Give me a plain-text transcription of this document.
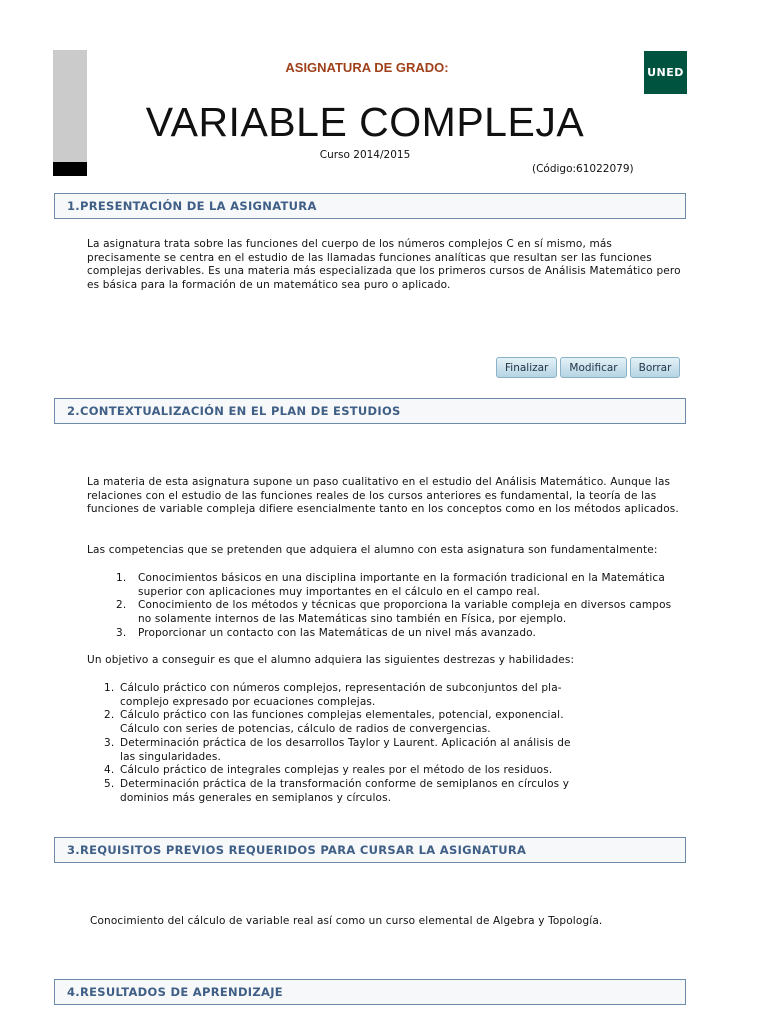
ASIGNATURA DE GRADO:	UNED
VARIABLE COMPLEJA
Curso 2014/2015
(Código:61022079)
1.PRESENTACIÓN DE LA ASIGNATURA

La asignatura trata sobre las funciones del cuerpo de los números complejos C en sí mismo, más precisamente se centra en el estudio de las llamadas funciones analíticas que resultan ser las funciones complejas derivables. Es una materia más especializada que los primeros cursos de Análisis Matemático pero es básica para la formación de un matemático sea puro o aplicado.

Finalizar	Modificar	Borrar
2.CONTEXTUALIZACIÓN EN EL PLAN DE ESTUDIOS

La materia de esta asignatura supone un paso cualitativo en el estudio del Análisis Matemático. Aunque las relaciones con el estudio de las funciones reales de los cursos anteriores es fundamental, la teoría de las funciones de variable compleja difiere esencialmente tanto en los conceptos como en los métodos aplicados.

Las competencias que se pretenden que adquiera el alumno con esta asignatura son fundamentalmente:

1.	Conocimientos básicos en una disciplina importante en la formación tradicional en la Matemática superior con aplicaciones muy importantes en el cálculo en el campo real.
2.	Conocimiento de los métodos y técnicas que proporciona la variable compleja en diversos campos no solamente internos de las Matemáticas sino también en Física, por ejemplo.
3.	Proporcionar un contacto con las Matemáticas de un nivel más avanzado.

Un objetivo a conseguir es que el alumno adquiera las siguientes destrezas y habilidades:

1. Cálculo práctico con números complejos, representación de subconjuntos del pla-complejo expresado por ecuaciones complejas.
2. Cálculo práctico con las funciones complejas elementales, potencial, exponencial. Cálculo con series de potencias, cálculo de radios de convergencias.
3. Determinación práctica de los desarrollos Taylor y Laurent. Aplicación al análisis de las singularidades.
4. Cálculo práctico de integrales complejas y reales por el método de los residuos.
5. Determinación práctica de la transformación conforme de semiplanos en círculos y dominios más generales en semiplanos y círculos.
3.REQUISITOS PREVIOS REQUERIDOS PARA CURSAR LA ASIGNATURA

Conocimiento del cálculo de variable real así como un curso elemental de Algebra y Topología.

4.RESULTADOS DE APRENDIZAJE
